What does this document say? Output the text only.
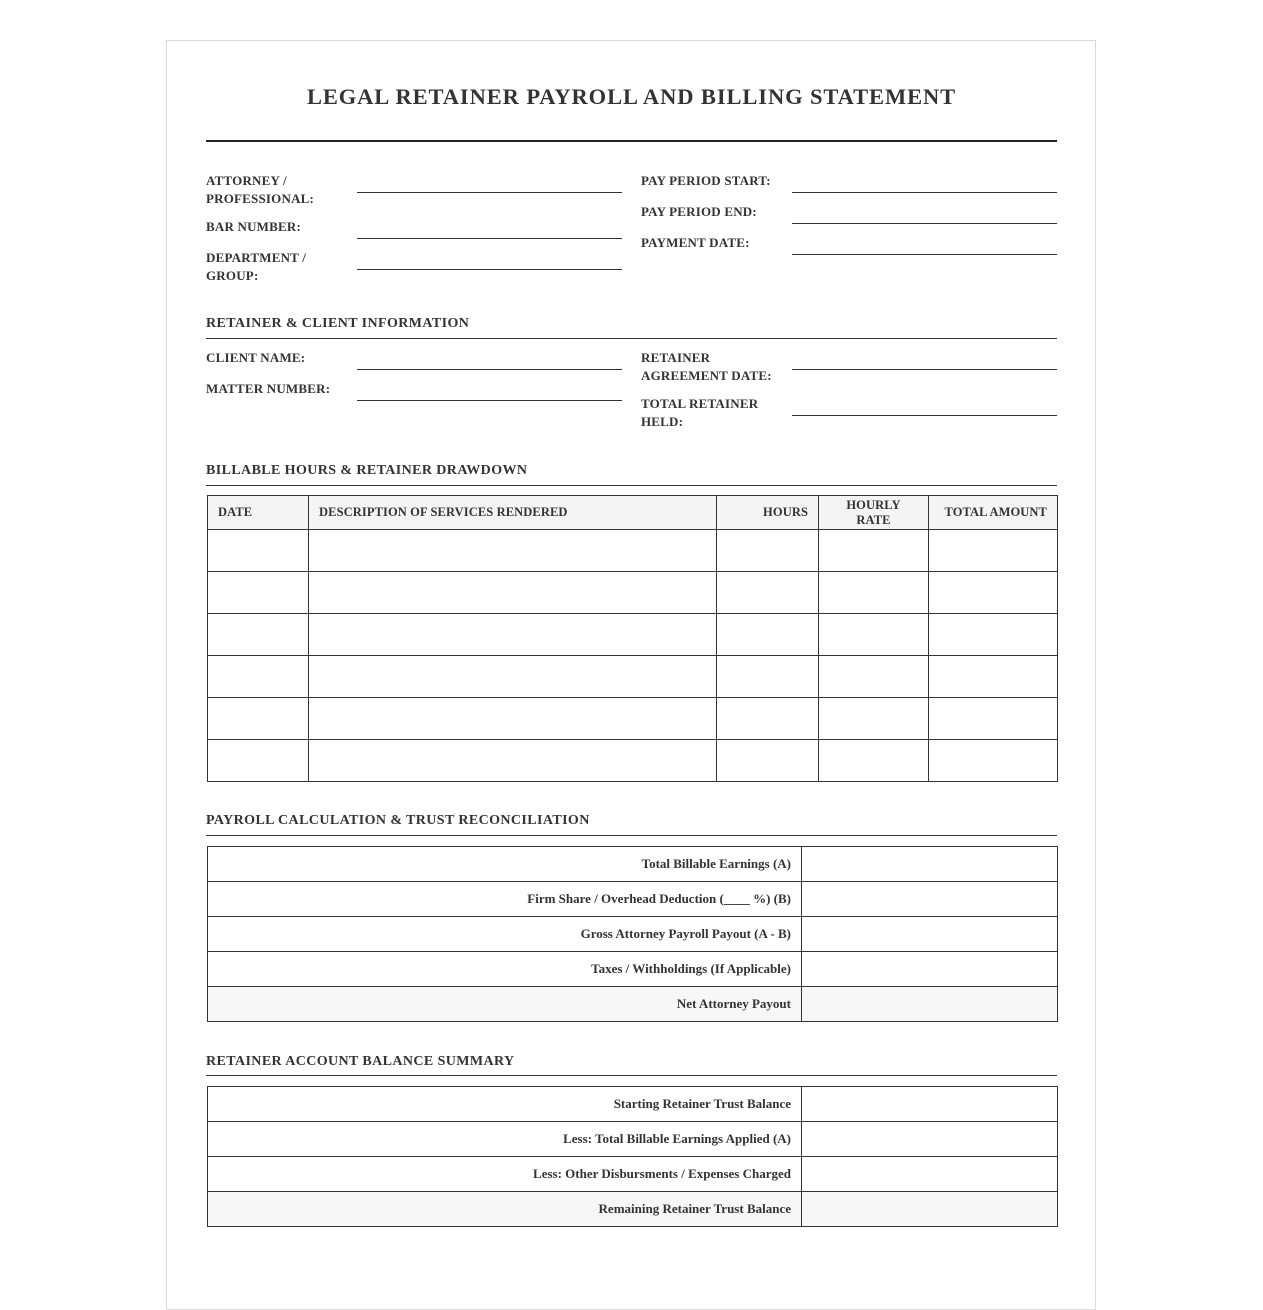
LEGAL RETAINER PAYROLL AND BILLING STATEMENT
ATTORNEY / PROFESSIONAL:
BAR NUMBER:
DEPARTMENT / GROUP:
PAY PERIOD START:
PAY PERIOD END:
PAYMENT DATE:
RETAINER & CLIENT INFORMATION
CLIENT NAME:
MATTER NUMBER:
RETAINER AGREEMENT DATE:
TOTAL RETAINER HELD:
BILLABLE HOURS & RETAINER DRAWDOWN
DATE	DESCRIPTION OF SERVICES RENDERED	HOURS	HOURLY RATE	TOTAL AMOUNT

PAYROLL CALCULATION & TRUST RECONCILIATION
Total Billable Earnings (A)	
Firm Share / Overhead Deduction (____ %) (B)	
Gross Attorney Payroll Payout (A - B)	
Taxes / Withholdings (If Applicable)	
Net Attorney Payout	
RETAINER ACCOUNT BALANCE SUMMARY
Starting Retainer Trust Balance	
Less: Total Billable Earnings Applied (A)	
Less: Other Disbursments / Expenses Charged	
Remaining Retainer Trust Balance	
